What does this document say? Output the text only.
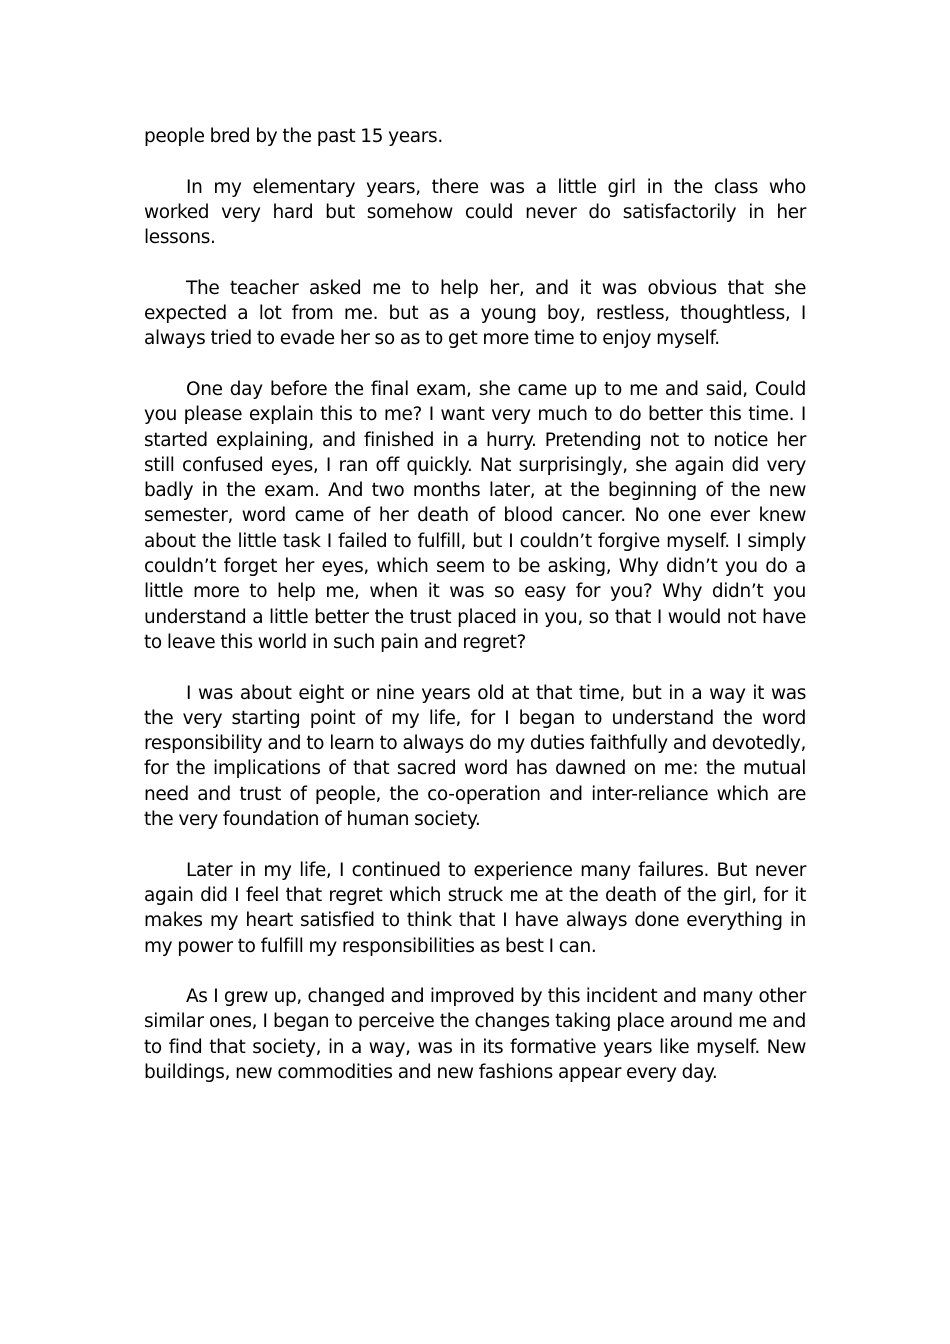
people bred by the past 15 years.

In my elementary years, there was a little girl in the class who worked very hard but somehow could never do satisfactorily in her lessons.

The teacher asked me to help her, and it was obvious that she expected a lot from me. but as a young boy, restless, thoughtless, I always tried to evade her so as to get more time to enjoy myself.

One day before the final exam, she came up to me and said, Could you please explain this to me? I want very much to do better this time. I started explaining, and finished in a hurry. Pretending not to notice her still confused eyes, I ran off quickly. Nat surprisingly, she again did very badly in the exam. And two months later, at the beginning of the new semester, word came of her death of blood cancer. No one ever knew about the little task I failed to fulfill, but I couldn’t forgive myself. I simply couldn’t forget her eyes, which seem to be asking, Why didn’t you do a little more to help me, when it was so easy for you? Why didn’t you understand a little better the trust placed in you, so that I would not have to leave this world in such pain and regret?

I was about eight or nine years old at that time, but in a way it was the very starting point of my life, for I began to understand the word responsibility and to learn to always do my duties faithfully and devotedly, for the implications of that sacred word has dawned on me: the mutual need and trust of people, the co-operation and inter-reliance which are the very foundation of human society.

Later in my life, I continued to experience many failures. But never again did I feel that regret which struck me at the death of the girl, for it makes my heart satisfied to think that I have always done everything in my power to fulfill my responsibilities as best I can.

As I grew up, changed and improved by this incident and many other similar ones, I began to perceive the changes taking place around me and to find that society, in a way, was in its formative years like myself. New buildings, new commodities and new fashions appear every day.
